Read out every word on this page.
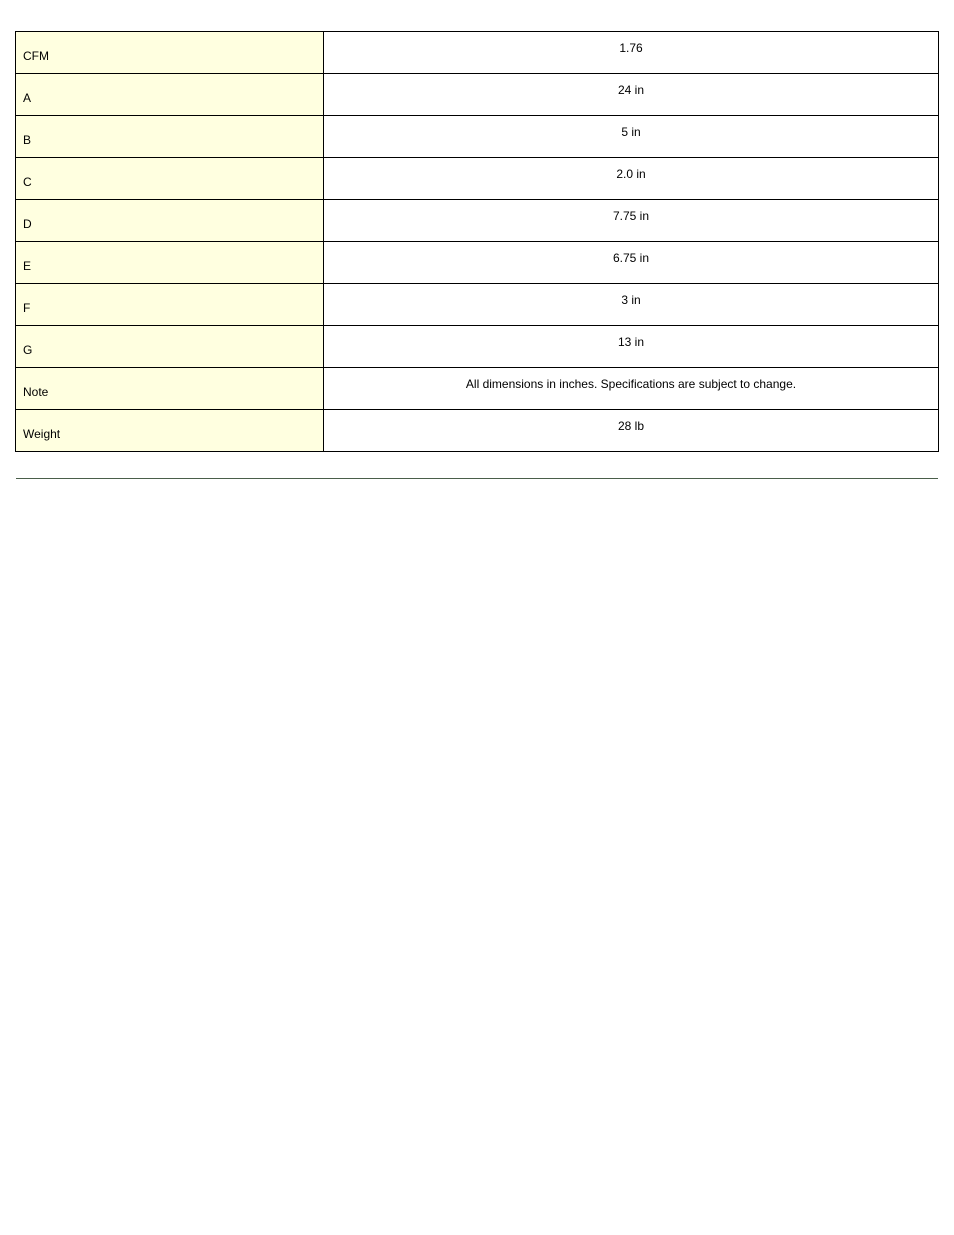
CFM	1.76
A	24 in
B	5 in
C	2.0 in
D	7.75 in
E	6.75 in
F	3 in
G	13 in
Note	All dimensions in inches. Specifications are subject to change.
Weight	28 lb
